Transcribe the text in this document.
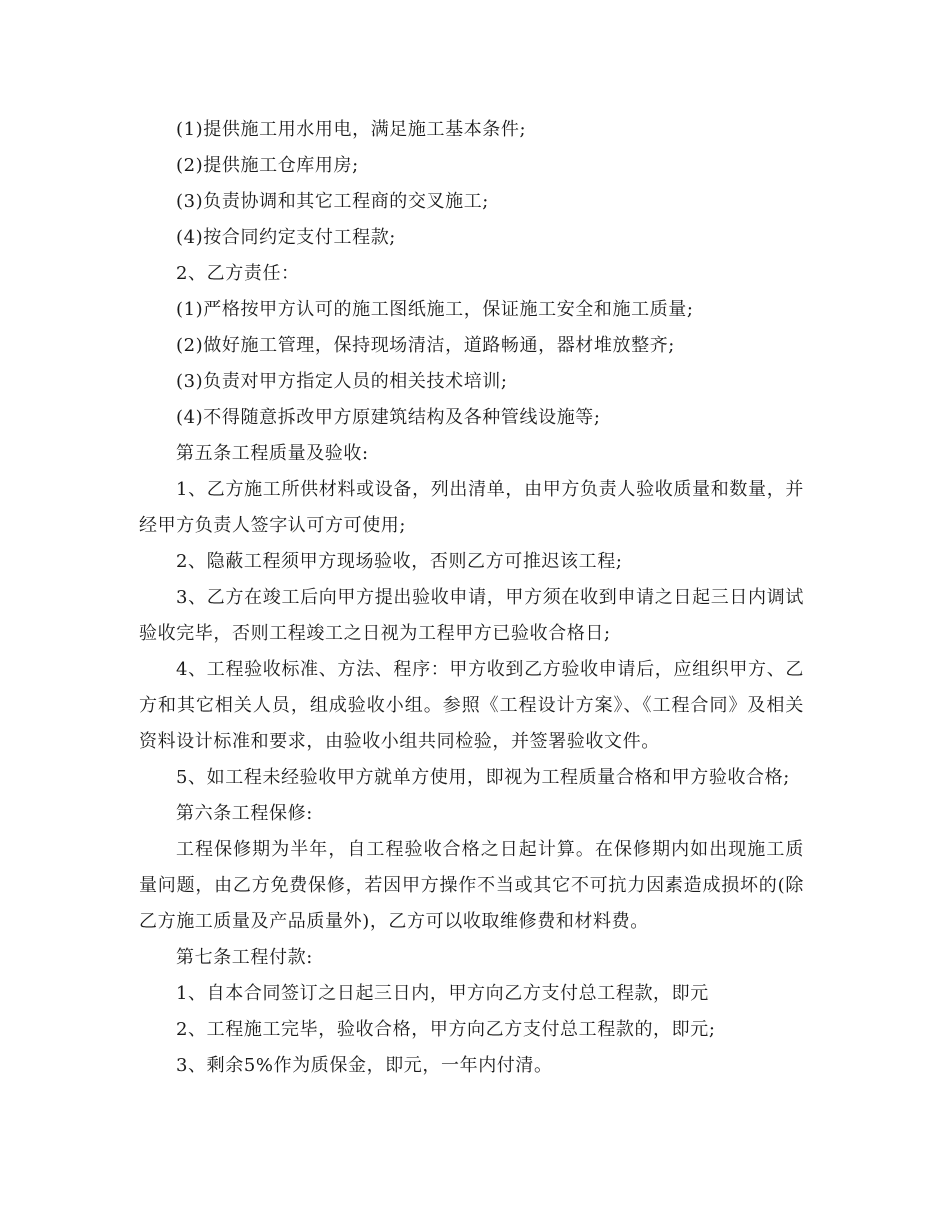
(1)提供施工用水用电，满足施工基本条件;

(2)提供施工仓库用房;

(3)负责协调和其它工程商的交叉施工;

(4)按合同约定支付工程款;

2、乙方责任：

(1)严格按甲方认可的施工图纸施工，保证施工安全和施工质量;

(2)做好施工管理，保持现场清洁，道路畅通，器材堆放整齐;

(3)负责对甲方指定人员的相关技术培训;

(4)不得随意拆改甲方原建筑结构及各种管线设施等;

第五条工程质量及验收:

1、乙方施工所供材料或设备，列出清单，由甲方负责人验收质量和数量，并经甲方负责人签字认可方可使用;

2、隐蔽工程须甲方现场验收，否则乙方可推迟该工程;

3、乙方在竣工后向甲方提出验收申请，甲方须在收到申请之日起三日内调试验收完毕，否则工程竣工之日视为工程甲方已验收合格日;

4、工程验收标准、方法、程序：甲方收到乙方验收申请后，应组织甲方、乙方和其它相关人员，组成验收小组。参照《工程设计方案》、《工程合同》及相关资料设计标准和要求，由验收小组共同检验，并签署验收文件。

5、如工程未经验收甲方就单方使用，即视为工程质量合格和甲方验收合格;

第六条工程保修:

工程保修期为半年，自工程验收合格之日起计算。在保修期内如出现施工质量问题，由乙方免费保修，若因甲方操作不当或其它不可抗力因素造成损坏的(除乙方施工质量及产品质量外)，乙方可以收取维修费和材料费。

第七条工程付款:

1、自本合同签订之日起三日内，甲方向乙方支付总工程款，即元

2、工程施工完毕，验收合格，甲方向乙方支付总工程款的，即元;

3、剩余5%作为质保金，即元，一年内付清。
